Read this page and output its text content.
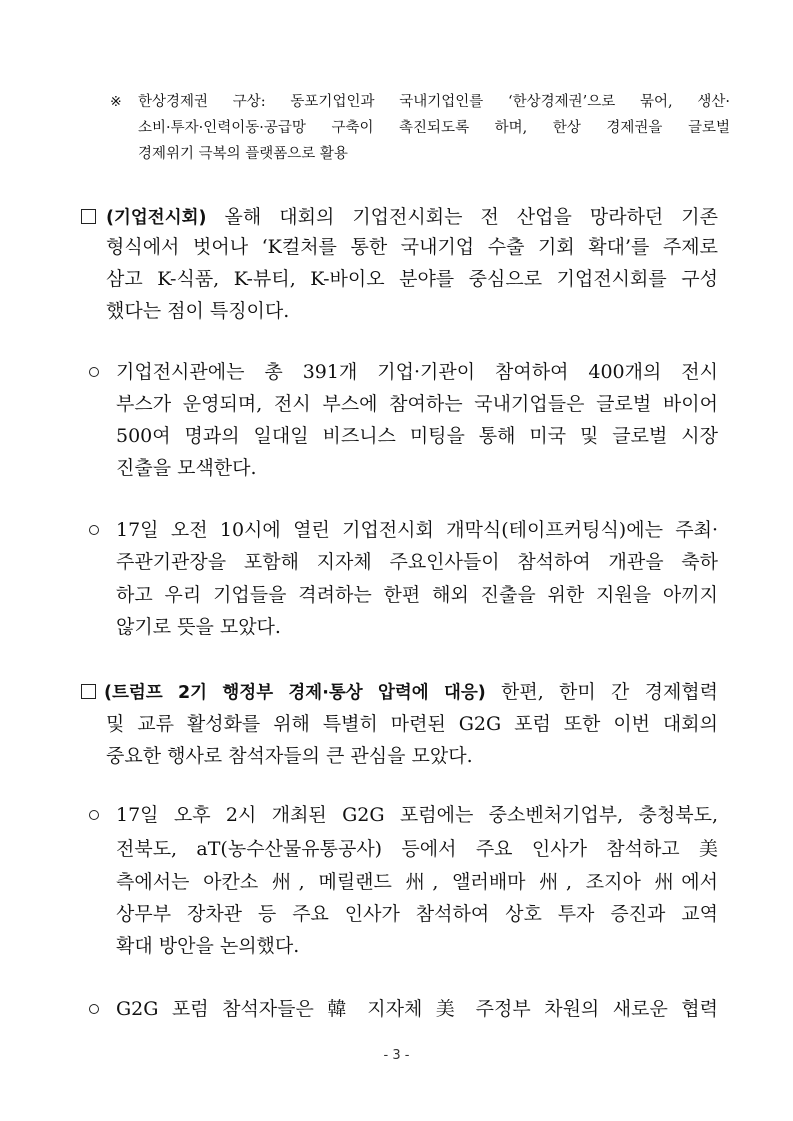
※ 한상경제권 구상: 동포기업인과 국내기업인를 ‘한상경제권’으로 묶어, 생산·
소비·투자·인력이동·공급망 구축이 촉진되도록 하며, 한상 경제권을 글로벌
경제위기 극복의 플랫폼으로 활용
(기업전시회) 올해 대회의 기업전시회는 전 산업을 망라하던 기존
형식에서 벗어나 ‘K컬처를 통한 국내기업 수출 기회 확대’를 주제로
삼고 K-식품, K-뷰티, K-바이오 분야를 중심으로 기업전시회를 구성
했다는 점이 특징이다.
기업전시관에는 총 391개 기업·기관이 참여하여 400개의 전시
부스가 운영되며, 전시 부스에 참여하는 국내기업들은 글로벌 바이어
500여 명과의 일대일 비즈니스 미팅을 통해 미국 및 글로벌 시장
진출을 모색한다.
17일 오전 10시에 열린 기업전시회 개막식(테이프커팅식)에는 주최·
주관기관장을 포함해 지자체 주요인사들이 참석하여 개관을 축하
하고 우리 기업들을 격려하는 한편 해외 진출을 위한 지원을 아끼지
않기로 뜻을 모았다.
(트럼프 2기 행정부 경제·통상 압력에 대응) 한편, 한미 간 경제협력
및 교류 활성화를 위해 특별히 마련된 G2G 포럼 또한 이번 대회의
중요한 행사로 참석자들의 큰 관심을 모았다.
17일 오후 2시 개최된 G2G 포럼에는 중소벤처기업부, 충청북도,
전북도, aT(농수산물유통공사) 등에서 주요 인사가 참석하고 美
측에서는 아칸소 州, 메릴랜드 州, 앨러배마 州, 조지아 州에서
상무부 장차관 등 주요 인사가 참석하여 상호 투자 증진과 교역
확대 방안을 논의했다.
G2G 포럼 참석자들은 韓 지자체 美 주정부 차원의 새로운 협력
- 3 -
